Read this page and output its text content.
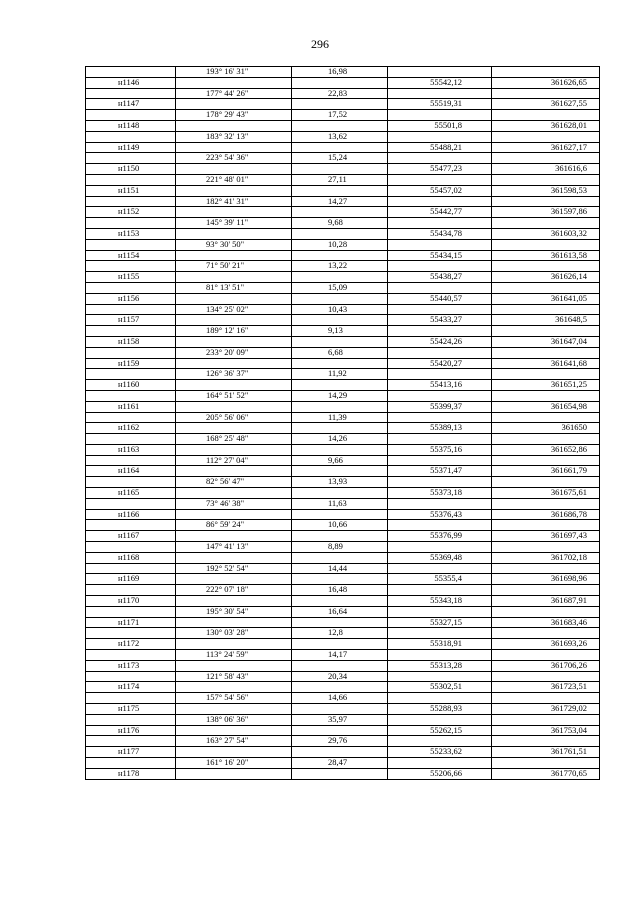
296
	193° 16' 31"	16,98		
н1146			55542,12	361626,65
	177° 44' 26"	22,83		
н1147			55519,31	361627,55
	178° 29' 43"	17,52		
н1148			55501,8	361628,01
	183° 32' 13"	13,62		
н1149			55488,21	361627,17
	223° 54' 36"	15,24		
н1150			55477,23	361616,6
	221° 48' 01"	27,11		
н1151			55457,02	361598,53
	182° 41' 31"	14,27		
н1152			55442,77	361597,86
	145° 39' 11"	9,68		
н1153			55434,78	361603,32
	93° 30' 50"	10,28		
н1154			55434,15	361613,58
	71° 50' 21"	13,22		
н1155			55438,27	361626,14
	81° 13' 51"	15,09		
н1156			55440,57	361641,05
	134° 25' 02"	10,43		
н1157			55433,27	361648,5
	189° 12' 16"	9,13		
н1158			55424,26	361647,04
	233° 20' 09"	6,68		
н1159			55420,27	361641,68
	126° 36' 37"	11,92		
н1160			55413,16	361651,25
	164° 51' 52"	14,29		
н1161			55399,37	361654,98
	205° 56' 06"	11,39		
н1162			55389,13	361650
	168° 25' 48"	14,26		
н1163			55375,16	361652,86
	112° 27' 04"	9,66		
н1164			55371,47	361661,79
	82° 56' 47"	13,93		
н1165			55373,18	361675,61
	73° 46' 38"	11,63		
н1166			55376,43	361686,78
	86° 59' 24"	10,66		
н1167			55376,99	361697,43
	147° 41' 13"	8,89		
н1168			55369,48	361702,18
	192° 52' 54"	14,44		
н1169			55355,4	361698,96
	222° 07' 18"	16,48		
н1170			55343,18	361687,91
	195° 30' 54"	16,64		
н1171			55327,15	361683,46
	130° 03' 28"	12,8		
н1172			55318,91	361693,26
	113° 24' 59"	14,17		
н1173			55313,28	361706,26
	121° 58' 43"	20,34		
н1174			55302,51	361723,51
	157° 54' 56"	14,66		
н1175			55288,93	361729,02
	138° 06' 36"	35,97		
н1176			55262,15	361753,04
	163° 27' 54"	29,76		
н1177			55233,62	361761,51
	161° 16' 20"	28,47		
н1178			55206,66	361770,65
